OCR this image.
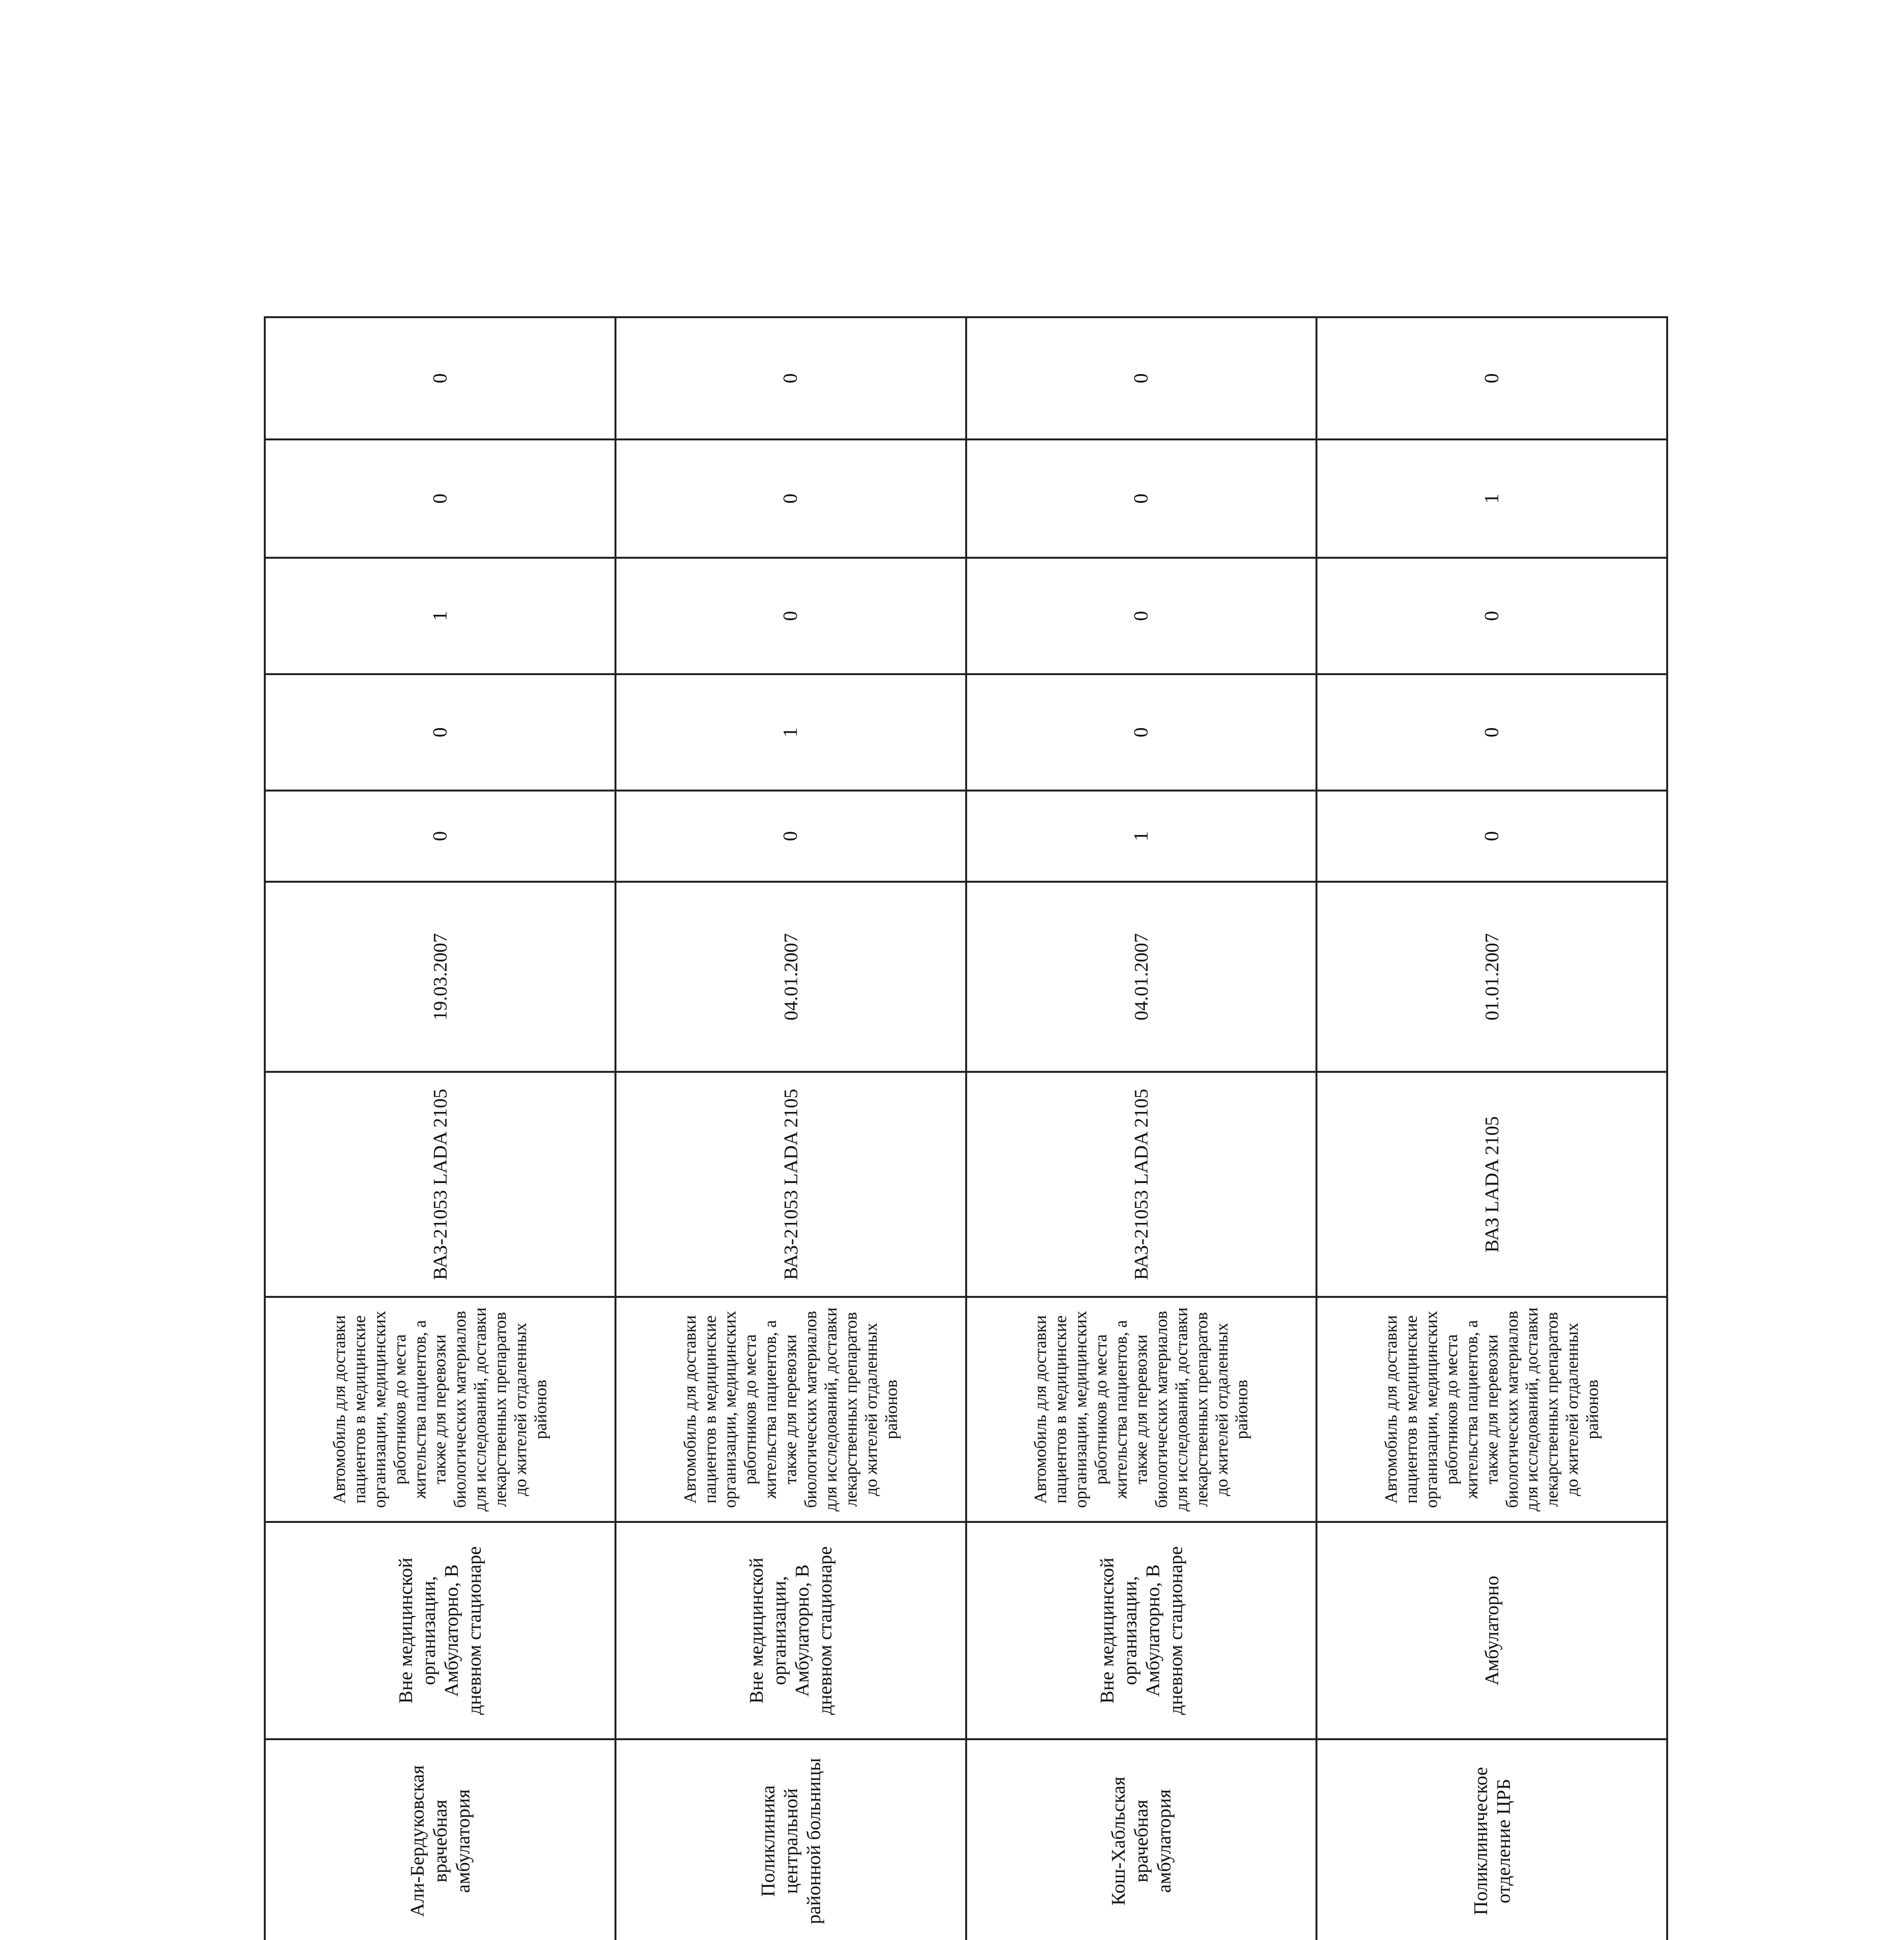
			Али-Бердуковская врачебная амбулатория	Вне медицинской организации, Амбулаторно, В дневном стационаре	Автомобиль для доставки пациентов в медицинские организации, медицинских работников до места жительства пациентов, а также для перевозки биологических материалов для исследований, доставки лекарственных препаратов до жителей отдаленных районов	ВАЗ-21053 LADA 2105	19.03.2007	0	0	1	0	0
			Поликлиника центральной районной больницы	Вне медицинской организации, Амбулаторно, В дневном стационаре	Автомобиль для доставки пациентов в медицинские организации, медицинских работников до места жительства пациентов, а также для перевозки биологических материалов для исследований, доставки лекарственных препаратов до жителей отдаленных районов	ВАЗ-21053 LADA 2105	04.01.2007	0	1	0	0	0
			Кош-Хабльская врачебная амбулатория	Вне медицинской организации, Амбулаторно, В дневном стационаре	Автомобиль для доставки пациентов в медицинские организации, медицинских работников до места жительства пациентов, а также для перевозки биологических материалов для исследований, доставки лекарственных препаратов до жителей отдаленных районов	ВАЗ-21053 LADA 2105	04.01.2007	1	0	0	0	0
			Поликлиническое отделение ЦРБ	Амбулаторно	Автомобиль для доставки пациентов в медицинские организации, медицинских работников до места жительства пациентов, а также для перевозки биологических материалов для исследований, доставки лекарственных препаратов до жителей отдаленных районов	ВАЗ LADA 2105	01.01.2007	0	0	0	1	0
